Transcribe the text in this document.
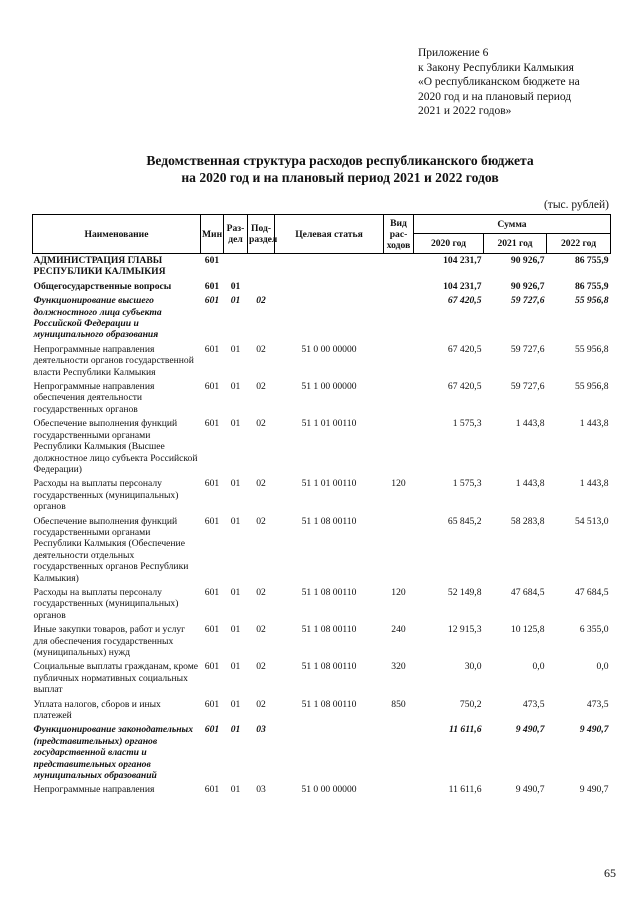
Приложение 6
к Закону Республики Калмыкия
«О республиканском бюджете на
2020 год и на плановый период
2021 и 2022 годов»
Ведомственная структура расходов республиканского бюджета
на 2020 год и на плановый период 2021 и 2022 годов
(тыс. рублей)
Наименование	Мин	Раз- дел	Под- раздел	Целевая статья	Вид рас- ходов	Сумма		
						2020 год	2021 год	2022 год
АДМИНИСТРАЦИЯ ГЛАВЫ РЕСПУБЛИКИ КАЛМЫКИЯ	601					104 231,7	90 926,7	86 755,9
Общегосударственные вопросы	601	01				104 231,7	90 926,7	86 755,9
Функционирование высшего должностного лица субъекта Российской Федерации и муниципального образования	601	01	02			67 420,5	59 727,6	55 956,8
Непрограммные направления деятельности органов государственной власти Республики Калмыкия	601	01	02	51 0 00 00000		67 420,5	59 727,6	55 956,8
Непрограммные направления обеспечения деятельности государственных органов	601	01	02	51 1 00 00000		67 420,5	59 727,6	55 956,8
Обеспечение выполнения функций государственными органами Республики Калмыкия (Высшее должностное лицо субъекта Российской Федерации)	601	01	02	51 1 01 00110		1 575,3	1 443,8	1 443,8
Расходы на выплаты персоналу государственных (муниципальных) органов	601	01	02	51 1 01 00110	120	1 575,3	1 443,8	1 443,8
Обеспечение выполнения функций государственными органами Республики Калмыкия (Обеспечение деятельности отдельных государственных органов Республики Калмыкия)	601	01	02	51 1 08 00110		65 845,2	58 283,8	54 513,0
Расходы на выплаты персоналу государственных (муниципальных) органов	601	01	02	51 1 08 00110	120	52 149,8	47 684,5	47 684,5
Иные закупки товаров, работ и услуг для обеспечения государственных (муниципальных) нужд	601	01	02	51 1 08 00110	240	12 915,3	10 125,8	6 355,0
Социальные выплаты гражданам, кроме публичных нормативных социальных выплат	601	01	02	51 1 08 00110	320	30,0	0,0	0,0
Уплата налогов, сборов и иных платежей	601	01	02	51 1 08 00110	850	750,2	473,5	473,5
Функционирование законодательных (представительных) органов государственной власти и представительных органов муниципальных образований	601	01	03			11 611,6	9 490,7	9 490,7
Непрограммные направления	601	01	03	51 0 00 00000		11 611,6	9 490,7	9 490,7
65
